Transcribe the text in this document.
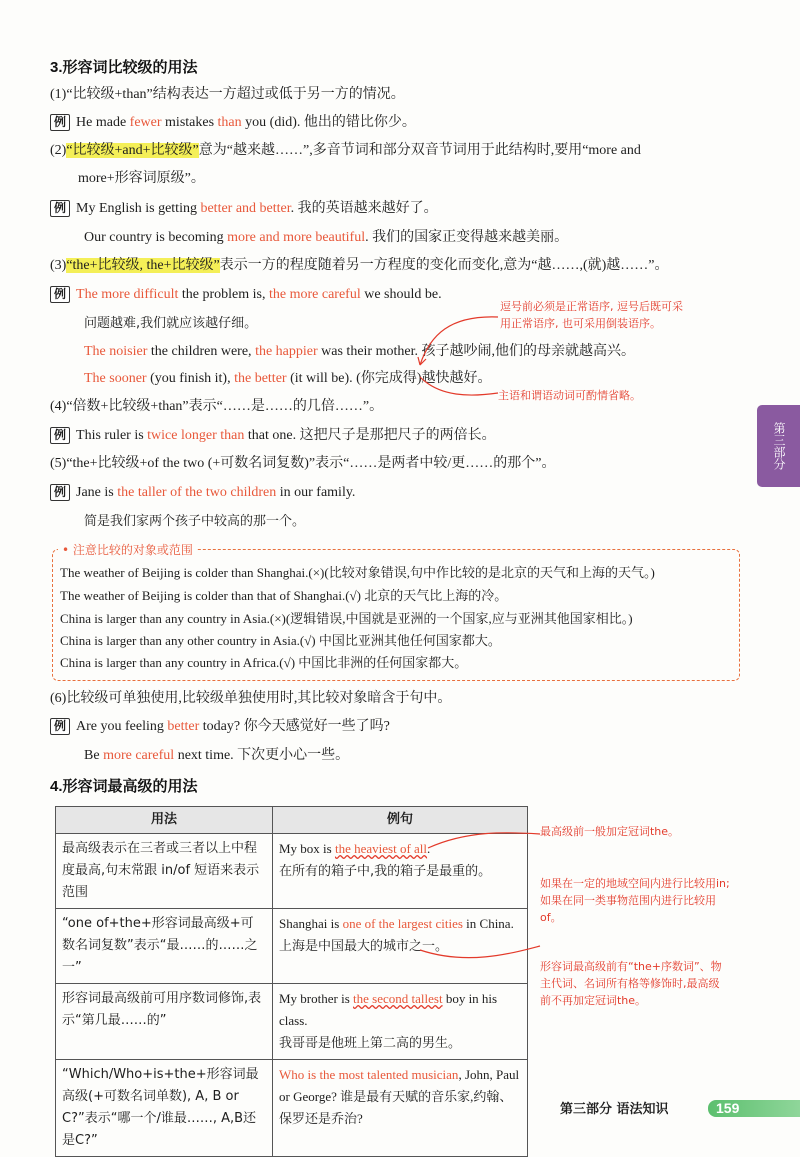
3.形容词比较级的用法
(1)“比较级+than”结构表达一方超过或低于另一方的情况。
例 He made fewer mistakes than you (did). 他出的错比你少。
(2)“比较级+and+比较级”意为“越来越……”,多音节词和部分双音节词用于此结构时,要用“more and
more+形容词原级”。
例 My English is getting better and better. 我的英语越来越好了。
Our country is becoming more and more beautiful. 我们的国家正变得越来越美丽。
(3)“the+比较级, the+比较级”表示一方的程度随着另一方程度的变化而变化,意为“越……,(就)越……”。
例 The more difficult the problem is, the more careful we should be.
问题越难,我们就应该越仔细。
The noisier the children were, the happier was their mother. 孩子越吵闹,他们的母亲就越高兴。
The sooner (you finish it), the better (it will be). (你完成得)越快越好。
逗号前必须是正常语序, 逗号后既可采
用正常语序, 也可采用倒装语序。
主语和谓语动词可酌情省略。
(4)“倍数+比较级+than”表示“……是……的几倍……”。
例 This ruler is twice longer than that one. 这把尺子是那把尺子的两倍长。
(5)“the+比较级+of the two (+可数名词复数)”表示“……是两者中较/更……的那个”。
例 Jane is the taller of the two children in our family.
简是我们家两个孩子中较高的那一个。
• 注意比较的对象或范围
The weather of Beijing is colder than Shanghai.(×)(比较对象错误,句中作比较的是北京的天气和上海的天气。)
The weather of Beijing is colder than that of Shanghai.(√) 北京的天气比上海的冷。
China is larger than any country in Asia.(×)(逻辑错误,中国就是亚洲的一个国家,应与亚洲其他国家相比。)
China is larger than any other country in Asia.(√) 中国比亚洲其他任何国家都大。
China is larger than any country in Africa.(√) 中国比非洲的任何国家都大。
(6)比较级可单独使用,比较级单独使用时,其比较对象暗含于句中。
例 Are you feeling better today? 你今天感觉好一些了吗?
Be more careful next time. 下次更小心一些。
4.形容词最高级的用法
用法	例句
最高级表示在三者或三者以上中程度最高,句末常跟 in/of 短语来表示范围	My box is the heaviest of all.
在所有的箱子中,我的箱子是最重的。
“one of+the+形容词最高级+可数名词复数”表示“最……的……之一”	Shanghai is one of the largest cities in China. 上海是中国最大的城市之一。
形容词最高级前可用序数词修饰,表示“第几最……的”	My brother is the second tallest boy in his class.
我哥哥是他班上第二高的男生。
“Which/Who+is+the+形容词最高级(+可数名词单数), A, B or C?”表示“哪一个/谁最……, A,B还是C?”	Who is the most talented musician, John, Paul or George? 谁是最有天赋的音乐家,约翰、保罗还是乔治?
最高级前一般加定冠词the。
如果在一定的地域空间内进行比较用in; 如果在同一类事物范围内进行比较用of。
形容词最高级前有“the+序数词”、物主代词、名词所有格等修饰时,最高级前不再加定冠词the。
第三部分
第三部分 语法知识	159
